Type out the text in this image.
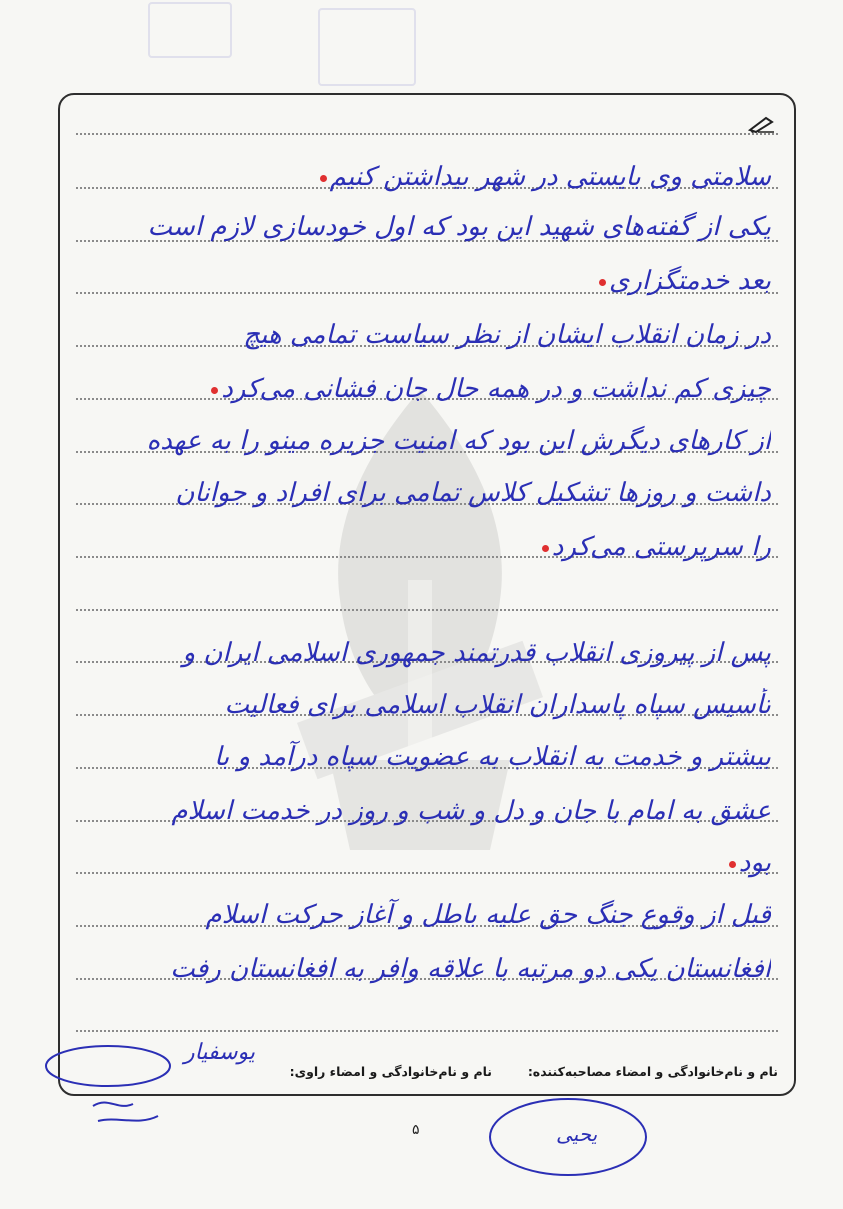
سلامتی وی بایستی در شهر بیداشتن کنیم
یکی از گفته‌های شهید این بود که اول خودسازی لازم است
بعد خدمتگزاری
در زمان انقلاب ایشان از نظر سیاست تمامی هیچ
چیزی کم نداشت و در همه حال جان فشانی می‌کرد
از کارهای دیگرش این بود که امنیت جزیره مینو را به عهده
داشت و روزها تشکیل کلاس تمامی برای افراد و جوانان
را سرپرستی می‌کرد
پس از پیروزی انقلاب قدرتمند جمهوری اسلامی ایران و
تأسیس سپاه پاسداران انقلاب اسلامی برای فعالیت
بیشتر و خدمت به انقلاب به عضویت سپاه درآمد و با
عشق به امام با جان و دل و شب و روز در خدمت اسلام
بود
قبل از وقوع جنگ حق علیه باطل و آغاز حرکت اسلام
افغانستان یکی دو مرتبه با علاقه وافر به افغانستان رفت
نام و نام‌خانوادگی و امضاء مصاحبه‌کننده:
نام و نام‌خانوادگی و امضاء راوی:
یوسفیار
یحیی
۵
